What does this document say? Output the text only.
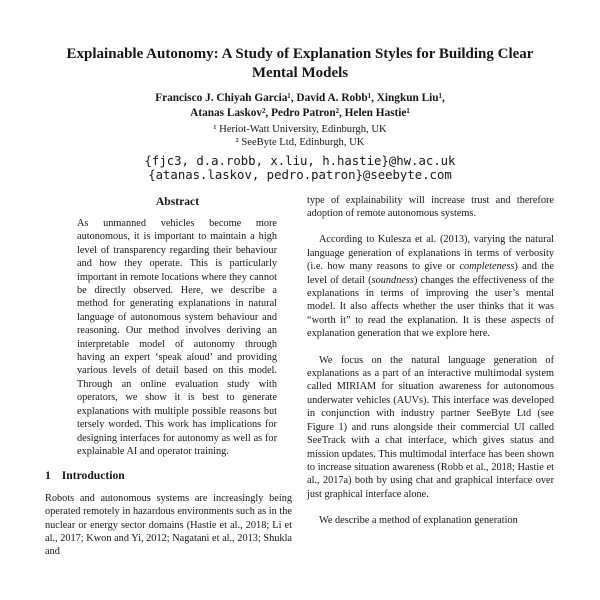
Explainable Autonomy: A Study of Explanation Styles for Building Clear Mental Models
Francisco J. Chiyah Garcia¹, David A. Robb¹, Xingkun Liu¹,
Atanas Laskov², Pedro Patron², Helen Hastie¹
¹ Heriot-Watt University, Edinburgh, UK
² SeeByte Ltd, Edinburgh, UK
{fjc3, d.a.robb, x.liu, h.hastie}@hw.ac.uk
{atanas.laskov, pedro.patron}@seebyte.com
Abstract

As unmanned vehicles become more autonomous, it is important to maintain a high level of transparency regarding their behaviour and how they operate. This is particularly important in remote locations where they cannot be directly observed. Here, we describe a method for generating explanations in natural language of autonomous system behaviour and reasoning. Our method involves deriving an interpretable model of autonomy through having an expert ‘speak aloud’ and providing various levels of detail based on this model. Through an online evaluation study with operators, we show it is best to generate explanations with multiple possible reasons but tersely worded. This work has implications for designing interfaces for autonomy as well as for explainable AI and operator training.

1 Introduction

Robots and autonomous systems are increasingly being operated remotely in hazardous environments such as in the nuclear or energy sector domains (Hastie et al., 2018; Li et al., 2017; Kwon and Yi, 2012; Nagatani et al., 2013; Shukla and

type of explainability will increase trust and therefore adoption of remote autonomous systems.

According to Kulesza et al. (2013), varying the natural language generation of explanations in terms of verbosity (i.e. how many reasons to give or completeness) and the level of detail (soundness) changes the effectiveness of the explanations in terms of improving the user’s mental model. It also affects whether the user thinks that it was “worth it” to read the explanation. It is these aspects of explanation generation that we explore here.

We focus on the natural language generation of explanations as a part of an interactive multimodal system called MIRIAM for situation awareness for autonomous underwater vehicles (AUVs). This interface was developed in conjunction with industry partner SeeByte Ltd (see Figure 1) and runs alongside their commercial UI called SeeTrack with a chat interface, which gives status and mission updates. This multimodal interface has been shown to increase situation awareness (Robb et al., 2018; Hastie et al., 2017a) both by using chat and graphical interface over just graphical interface alone.

We describe a method of explanation generation
